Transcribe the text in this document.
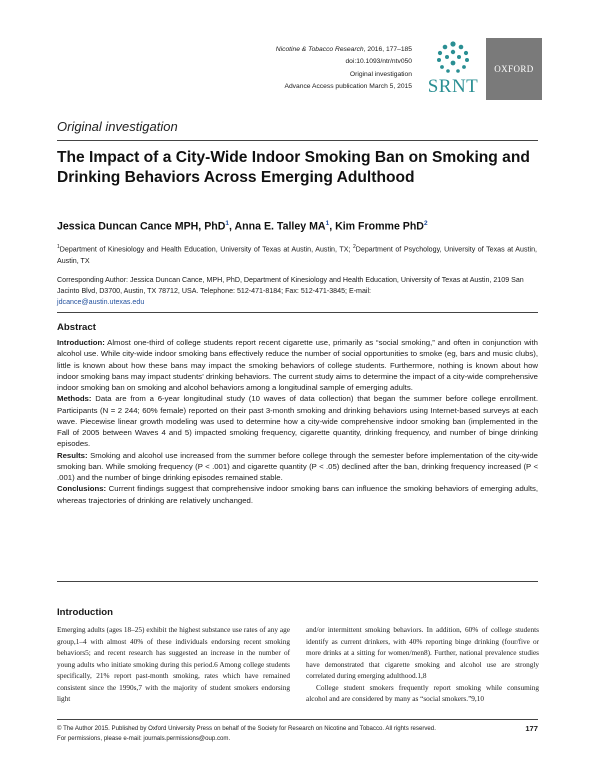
Nicotine & Tobacco Research, 2016, 177–185
doi:10.1093/ntr/ntv050
Original investigation
Advance Access publication March 5, 2015 SRNT
OXFORD
Original investigation
The Impact of a City-Wide Indoor Smoking Ban on Smoking and Drinking Behaviors Across Emerging Adulthood
Jessica Duncan Cance MPH, PhD$^1$, Anna E. Talley $MA^1$, Kim Fromme PhD$^2$
$^1$Department of Kinesiology and Health Education, University of Texas at Austin, Austin, TX; $^2$Department of Psychology, University of Texas at Austin, Austin, TX
Corresponding Author: Jessica Duncan Cance, MPH, PhD, Department of Kinesiology and Health Education, University of Texas at Austin, 2109 San Jacinto Blvd, D3700, Austin, TX 78712, USA. Telephone: 512-471-8184; Fax: 512-471-3845; E-mail:
jdcance@austin.utexas.edu
Abstract

Introduction: Almost one-third of college students report recent cigarette use, primarily as “social smoking,” and often in conjunction with alcohol use. While city-wide indoor smoking bans effectively reduce the number of social opportunities to smoke (eg, bars and music clubs), little is known about how these bans may impact the smoking behaviors of college students. Furthermore, nothing is known about how indoor smoking bans may impact students’ drinking behaviors. The current study aims to determine the impact of a city-wide comprehensive indoor smoking ban on smoking and alcohol behaviors among a longitudinal sample of emerging adults.

Methods: Data are from a 6-year longitudinal study (10 waves of data collection) that began the summer before college enrollment. Participants (N = 2 244; 60% female) reported on their past 3-month smoking and drinking behaviors using Internet-based surveys at each wave. Piecewise linear growth modeling was used to determine how a city-wide comprehensive indoor smoking ban (implemented in the Fall of 2005 between Waves 4 and 5) impacted smoking frequency, cigarette quantity, drinking frequency, and number of binge drinking episodes.

Results: Smoking and alcohol use increased from the summer before college through the semester before implementation of the city-wide smoking ban. While smoking frequency (P < .001) and cigarette quantity (P < .05) declined after the ban, drinking frequency increased (P < .001) and the number of binge drinking episodes remained stable.

Conclusions: Current findings suggest that comprehensive indoor smoking bans can influence the smoking behaviors of emerging adults, whereas trajectories of drinking are relatively unchanged.

Introduction

Emerging adults (ages 18–25) exhibit the highest substance use rates of any age group,1–4 with almost 40% of these individuals endorsing recent smoking behaviors5; and recent research has suggested an increase in the number of young adults who initiate smoking during this period.6 Among college students specifically, 21% report past-month smoking, rates which have remained consistent since the 1990s,7 with the majority of student smokers endorsing light

and/or intermittent smoking behaviors. In addition, 60% of college students identify as current drinkers, with 40% reporting binge drinking (four/five or more drinks at a sitting for women/men8). Further, national prevalence studies have demonstrated that cigarette smoking and alcohol use are strongly correlated during emerging adulthood.1,8

College student smokers frequently report smoking while consuming alcohol and are considered by many as “social smokers.”9,10

© The Author 2015. Published by Oxford University Press on behalf of the Society for Research on Nicotine and Tobacco. All rights reserved.
For permissions, please e-mail: journals.permissions@oup.com.
177
